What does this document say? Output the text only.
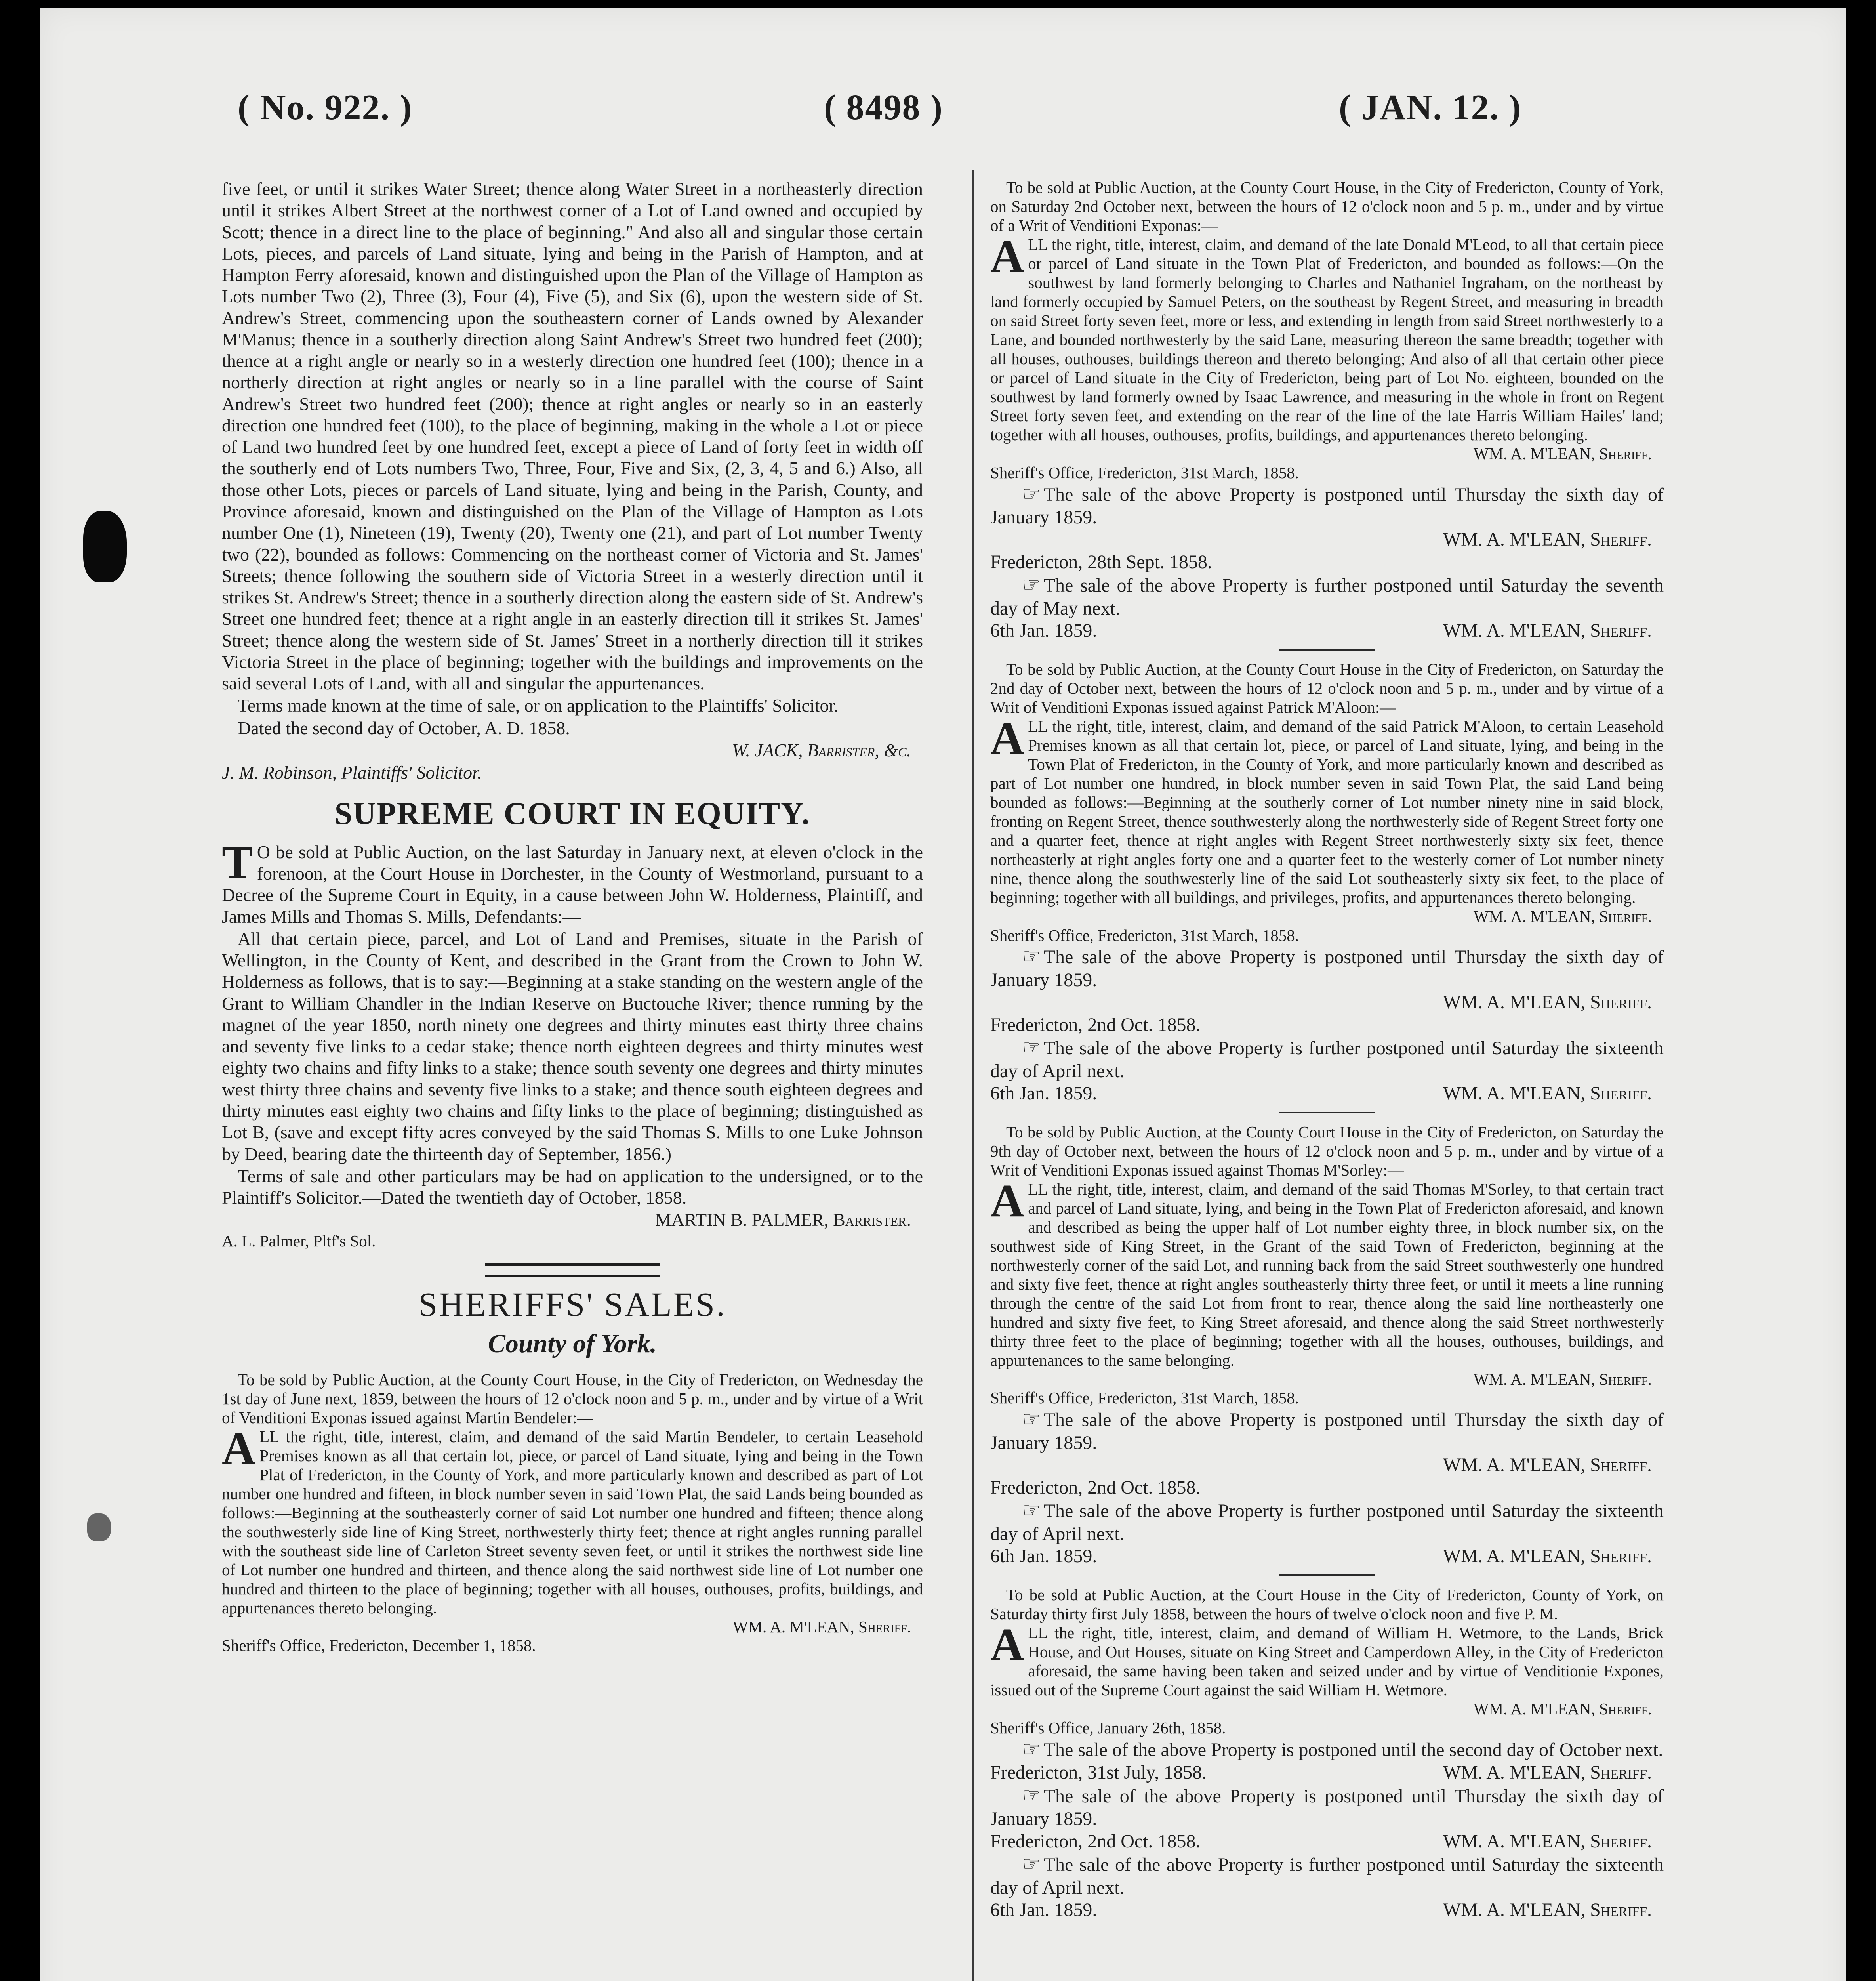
( No. 922. )	( 8498 )	( JAN. 12. )

five feet, or until it strikes Water Street; thence along Water Street in a northeasterly direction until it strikes Albert Street at the northwest corner of a Lot of Land owned and occupied by Scott; thence in a direct line to the place of beginning." And also all and singular those certain Lots, pieces, and parcels of Land situate, lying and being in the Parish of Hampton, and at Hampton Ferry aforesaid, known and distinguished upon the Plan of the Village of Hampton as Lots number Two (2), Three (3), Four (4), Five (5), and Six (6), upon the western side of St. Andrew's Street, commencing upon the southeastern corner of Lands owned by Alexander M'Manus; thence in a southerly direction along Saint Andrew's Street two hundred feet (200); thence at a right angle or nearly so in a westerly direction one hundred feet (100); thence in a northerly direction at right angles or nearly so in a line parallel with the course of Saint Andrew's Street two hundred feet (200); thence at right angles or nearly so in an easterly direction one hundred feet (100), to the place of beginning, making in the whole a Lot or piece of Land two hundred feet by one hundred feet, except a piece of Land of forty feet in width off the southerly end of Lots numbers Two, Three, Four, Five and Six, (2, 3, 4, 5 and 6.) Also, all those other Lots, pieces or parcels of Land situate, lying and being in the Parish, County, and Province aforesaid, known and distinguished on the Plan of the Village of Hampton as Lots number One (1), Nineteen (19), Twenty (20), Twenty one (21), and part of Lot number Twenty two (22), bounded as follows: Commencing on the northeast corner of Victoria and St. James' Streets; thence following the southern side of Victoria Street in a westerly direction until it strikes St. Andrew's Street; thence in a southerly direction along the eastern side of St. Andrew's Street one hundred feet; thence at a right angle in an easterly direction till it strikes St. James' Street; thence along the western side of St. James' Street in a northerly direction till it strikes Victoria Street in the place of beginning; together with the buildings and improvements on the said several Lots of Land, with all and singular the appurtenances.

Terms made known at the time of sale, or on application to the Plaintiffs' Solicitor.

Dated the second day of October, A. D. 1858.

W. JACK, Barrister, &c.

J. M. Robinson, Plaintiffs' Solicitor.

SUPREME COURT IN EQUITY.

T O be sold at Public Auction, on the last Saturday in January next, at eleven o'clock in the forenoon, at the Court House in Dorchester, in the County of Westmorland, pursuant to a Decree of the Supreme Court in Equity, in a cause between John W. Holderness, Plaintiff, and James Mills and Thomas S. Mills, Defendants:—

All that certain piece, parcel, and Lot of Land and Premises, situate in the Parish of Wellington, in the County of Kent, and described in the Grant from the Crown to John W. Holderness as follows, that is to say:—Beginning at a stake standing on the western angle of the Grant to William Chandler in the Indian Reserve on Buctouche River; thence running by the magnet of the year 1850, north ninety one degrees and thirty minutes east thirty three chains and seventy five links to a cedar stake; thence north eighteen degrees and thirty minutes west eighty two chains and fifty links to a stake; thence south seventy one degrees and thirty minutes west thirty three chains and seventy five links to a stake; and thence south eighteen degrees and thirty minutes east eighty two chains and fifty links to the place of beginning; distinguished as Lot B, (save and except fifty acres conveyed by the said Thomas S. Mills to one Luke Johnson by Deed, bearing date the thirteenth day of September, 1856.)

Terms of sale and other particulars may be had on application to the undersigned, or to the Plaintiff's Solicitor.—Dated the twentieth day of October, 1858.

MARTIN B. PALMER, Barrister.

A. L. Palmer, Pltf's Sol.

SHERIFFS' SALES.
County of York.

To be sold by Public Auction, at the County Court House, in the City of Fredericton, on Wednesday the 1st day of June next, 1859, between the hours of 12 o'clock noon and 5 p. m., under and by virtue of a Writ of Venditioni Exponas issued against Martin Bendeler:—

ALL the right, title, interest, claim, and demand of the said Martin Bendeler, to certain Leasehold Premises known as all that certain lot, piece, or parcel of Land situate, lying and being in the Town Plat of Fredericton, in the County of York, and more particularly known and described as part of Lot number one hundred and fifteen, in block number seven in said Town Plat, the said Lands being bounded as follows:—Beginning at the southeasterly corner of said Lot number one hundred and fifteen; thence along the southwesterly side line of King Street, northwesterly thirty feet; thence at right angles running parallel with the southeast side line of Carleton Street seventy seven feet, or until it strikes the northwest side line of Lot number one hundred and thirteen, and thence along the said northwest side line of Lot number one hundred and thirteen to the place of beginning; together with all houses, outhouses, profits, buildings, and appurtenances thereto belonging.

WM. A. M'LEAN, Sheriff.

Sheriff's Office, Fredericton, December 1, 1858.

To be sold at Public Auction, at the County Court House, in the City of Fredericton, County of York, on Saturday 2nd October next, between the hours of 12 o'clock noon and 5 p. m., under and by virtue of a Writ of Venditioni Exponas:—

ALL the right, title, interest, claim, and demand of the late Donald M'Leod, to all that certain piece or parcel of Land situate in the Town Plat of Fredericton, and bounded as follows:—On the southwest by land formerly belonging to Charles and Nathaniel Ingraham, on the northeast by land formerly occupied by Samuel Peters, on the southeast by Regent Street, and measuring in breadth on said Street forty seven feet, more or less, and extending in length from said Street northwesterly to a Lane, and bounded northwesterly by the said Lane, measuring thereon the same breadth; together with all houses, outhouses, buildings thereon and thereto belonging; And also of all that certain other piece or parcel of Land situate in the City of Fredericton, being part of Lot No. eighteen, bounded on the southwest by land formerly owned by Isaac Lawrence, and measuring in the whole in front on Regent Street forty seven feet, and extending on the rear of the line of the late Harris William Hailes' land; together with all houses, outhouses, profits, buildings, and appurtenances thereto belonging.

WM. A. M'LEAN, Sheriff.

Sheriff's Office, Fredericton, 31st March, 1858.

☞ The sale of the above Property is postponed until Thursday the sixth day of January 1859.

WM. A. M'LEAN, Sheriff.

Fredericton, 28th Sept. 1858.

☞ The sale of the above Property is further postponed until Saturday the seventh day of May next.

6th Jan. 1859.	WM. A. M'LEAN, Sheriff.

To be sold by Public Auction, at the County Court House in the City of Fredericton, on Saturday the 2nd day of October next, between the hours of 12 o'clock noon and 5 p. m., under and by virtue of a Writ of Venditioni Exponas issued against Patrick M'Aloon:—

ALL the right, title, interest, claim, and demand of the said Patrick M'Aloon, to certain Leasehold Premises known as all that certain lot, piece, or parcel of Land situate, lying, and being in the Town Plat of Fredericton, in the County of York, and more particularly known and described as part of Lot number one hundred, in block number seven in said Town Plat, the said Land being bounded as follows:—Beginning at the southerly corner of Lot number ninety nine in said block, fronting on Regent Street, thence southwesterly along the northwesterly side of Regent Street forty one and a quarter feet, thence at right angles with Regent Street northwesterly sixty six feet, thence northeasterly at right angles forty one and a quarter feet to the westerly corner of Lot number ninety nine, thence along the southwesterly line of the said Lot southeasterly sixty six feet, to the place of beginning; together with all buildings, and privileges, profits, and appurtenances thereto belonging.

WM. A. M'LEAN, Sheriff.

Sheriff's Office, Fredericton, 31st March, 1858.

☞ The sale of the above Property is postponed until Thursday the sixth day of January 1859.

WM. A. M'LEAN, Sheriff.

Fredericton, 2nd Oct. 1858.

☞ The sale of the above Property is further postponed until Saturday the sixteenth day of April next.

6th Jan. 1859.	WM. A. M'LEAN, Sheriff.

To be sold by Public Auction, at the County Court House in the City of Fredericton, on Saturday the 9th day of October next, between the hours of 12 o'clock noon and 5 p. m., under and by virtue of a Writ of Venditioni Exponas issued against Thomas M'Sorley:—

ALL the right, title, interest, claim, and demand of the said Thomas M'Sorley, to that certain tract and parcel of Land situate, lying, and being in the Town Plat of Fredericton aforesaid, and known and described as being the upper half of Lot number eighty three, in block number six, on the southwest side of King Street, in the Grant of the said Town of Fredericton, beginning at the northwesterly corner of the said Lot, and running back from the said Street southwesterly one hundred and sixty five feet, thence at right angles southeasterly thirty three feet, or until it meets a line running through the centre of the said Lot from front to rear, thence along the said line northeasterly one hundred and sixty five feet, to King Street aforesaid, and thence along the said Street northwesterly thirty three feet to the place of beginning; together with all the houses, outhouses, buildings, and appurtenances to the same belonging.

WM. A. M'LEAN, Sheriff.

Sheriff's Office, Fredericton, 31st March, 1858.

☞ The sale of the above Property is postponed until Thursday the sixth day of January 1859.

WM. A. M'LEAN, Sheriff.

Fredericton, 2nd Oct. 1858.

☞ The sale of the above Property is further postponed until Saturday the sixteenth day of April next.

6th Jan. 1859.	WM. A. M'LEAN, Sheriff.

To be sold at Public Auction, at the Court House in the City of Fredericton, County of York, on Saturday thirty first July 1858, between the hours of twelve o'clock noon and five P. M.

ALL the right, title, interest, claim, and demand of William H. Wetmore, to the Lands, Brick House, and Out Houses, situate on King Street and Camperdown Alley, in the City of Fredericton aforesaid, the same having been taken and seized under and by virtue of Venditionie Expones, issued out of the Supreme Court against the said William H. Wetmore.

WM. A. M'LEAN, Sheriff.

Sheriff's Office, January 26th, 1858.

☞ The sale of the above Property is postponed until the second day of October next.

Fredericton, 31st July, 1858.	WM. A. M'LEAN, Sheriff.

☞ The sale of the above Property is postponed until Thursday the sixth day of January 1859.

Fredericton, 2nd Oct. 1858.	WM. A. M'LEAN, Sheriff.

☞ The sale of the above Property is further postponed until Saturday the sixteenth day of April next.

6th Jan. 1859.	WM. A. M'LEAN, Sheriff.
